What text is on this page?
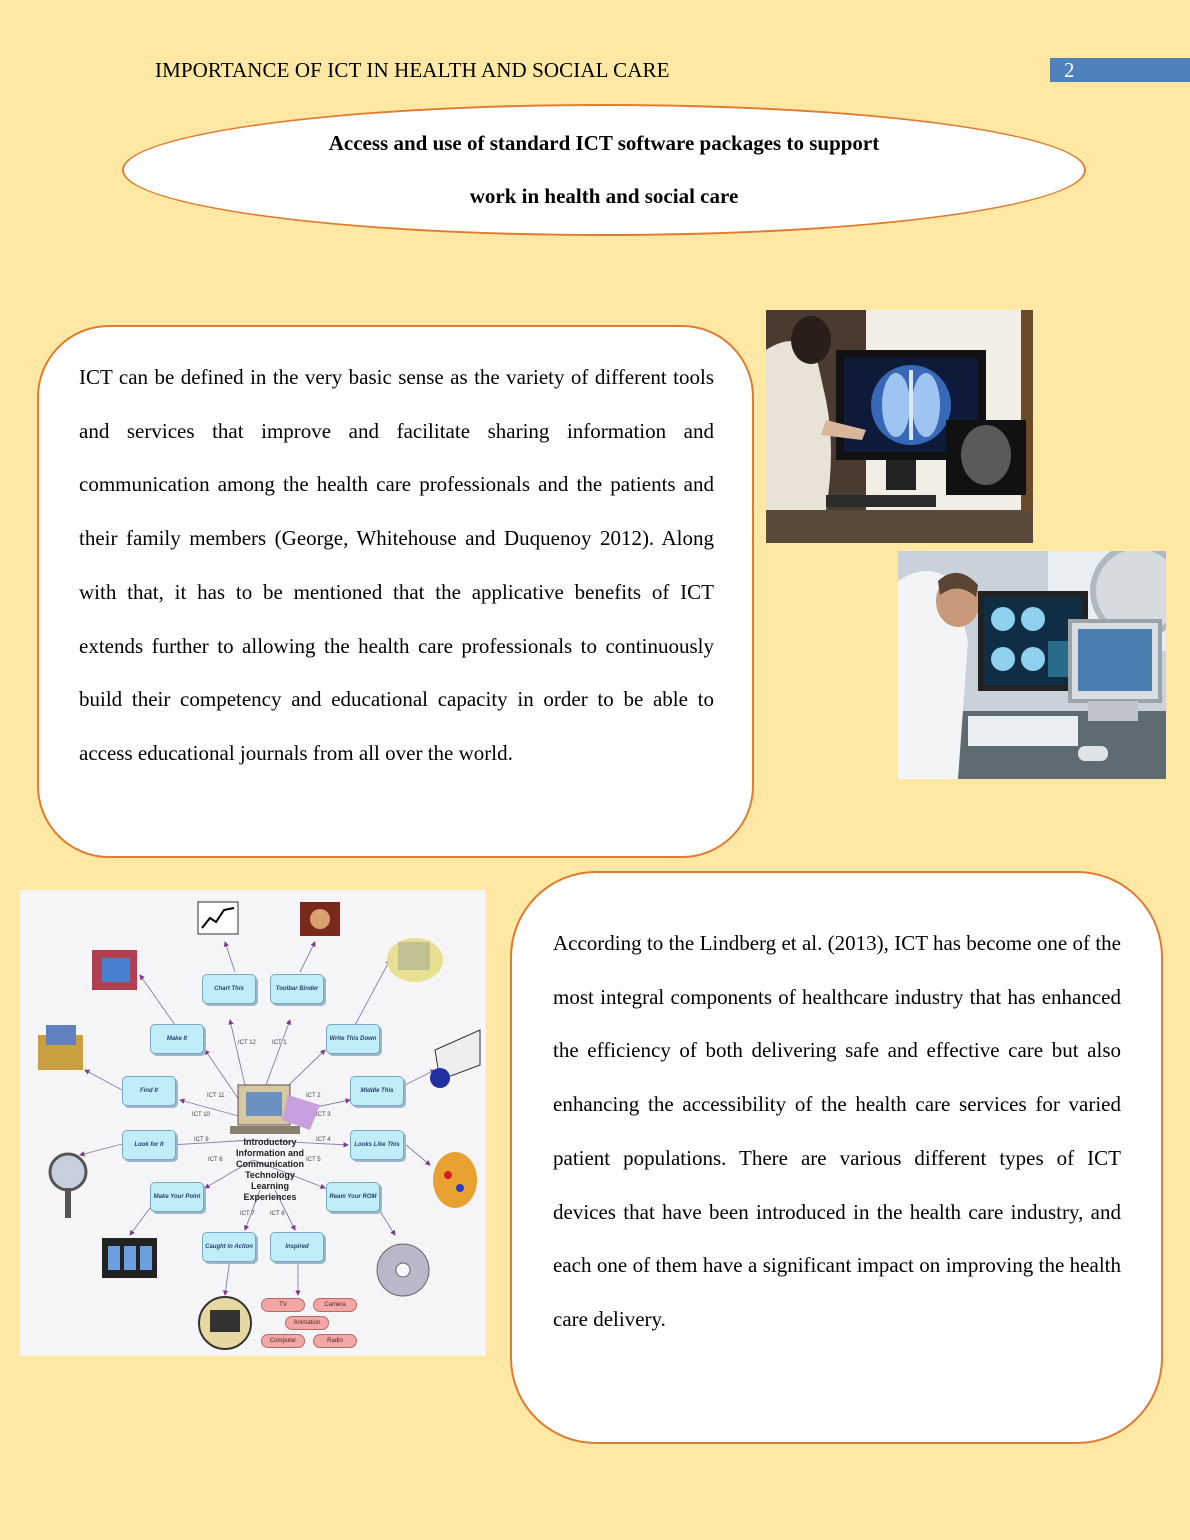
IMPORTANCE OF ICT IN HEALTH AND SOCIAL CARE	2
Access and use of standard ICT software packages to support
work in health and social care

ICT can be defined in the very basic sense as the variety of different tools and services that improve and facilitate sharing information and communication among the health care professionals and the patients and their family members (George, Whitehouse and Duquenoy 2012). Along with that, it has to be mentioned that the applicative benefits of ICT extends further to allowing the health care professionals to continuously build their competency and educational capacity in order to be able to access educational journals from all over the world.

According to the Lindberg et al. (2013), ICT has become one of the most integral components of healthcare industry that has enhanced the efficiency of both delivering safe and effective care but also enhancing the accessibility of the health care services for varied patient populations. There are various different types of ICT devices that have been introduced in the health care industry, and each one of them have a significant impact on improving the health care delivery.

Chart This	Toolbar Binder
Make It	Write This Down
Find It	Middle This
Look for It	Looks Like This
Make Your Point	Ream Your ROM
Caught in Action	Inspired
ICT 12	ICT 1
ICT 11	ICT 2
ICT 10	ICT 3
ICT 9	ICT 4
ICT 6	ICT 5
ICT 7	ICT 8
Introductory
Information and
Communication
Technology
Learning
Experiences
TV	Camera
Animation
Computer	Radio
